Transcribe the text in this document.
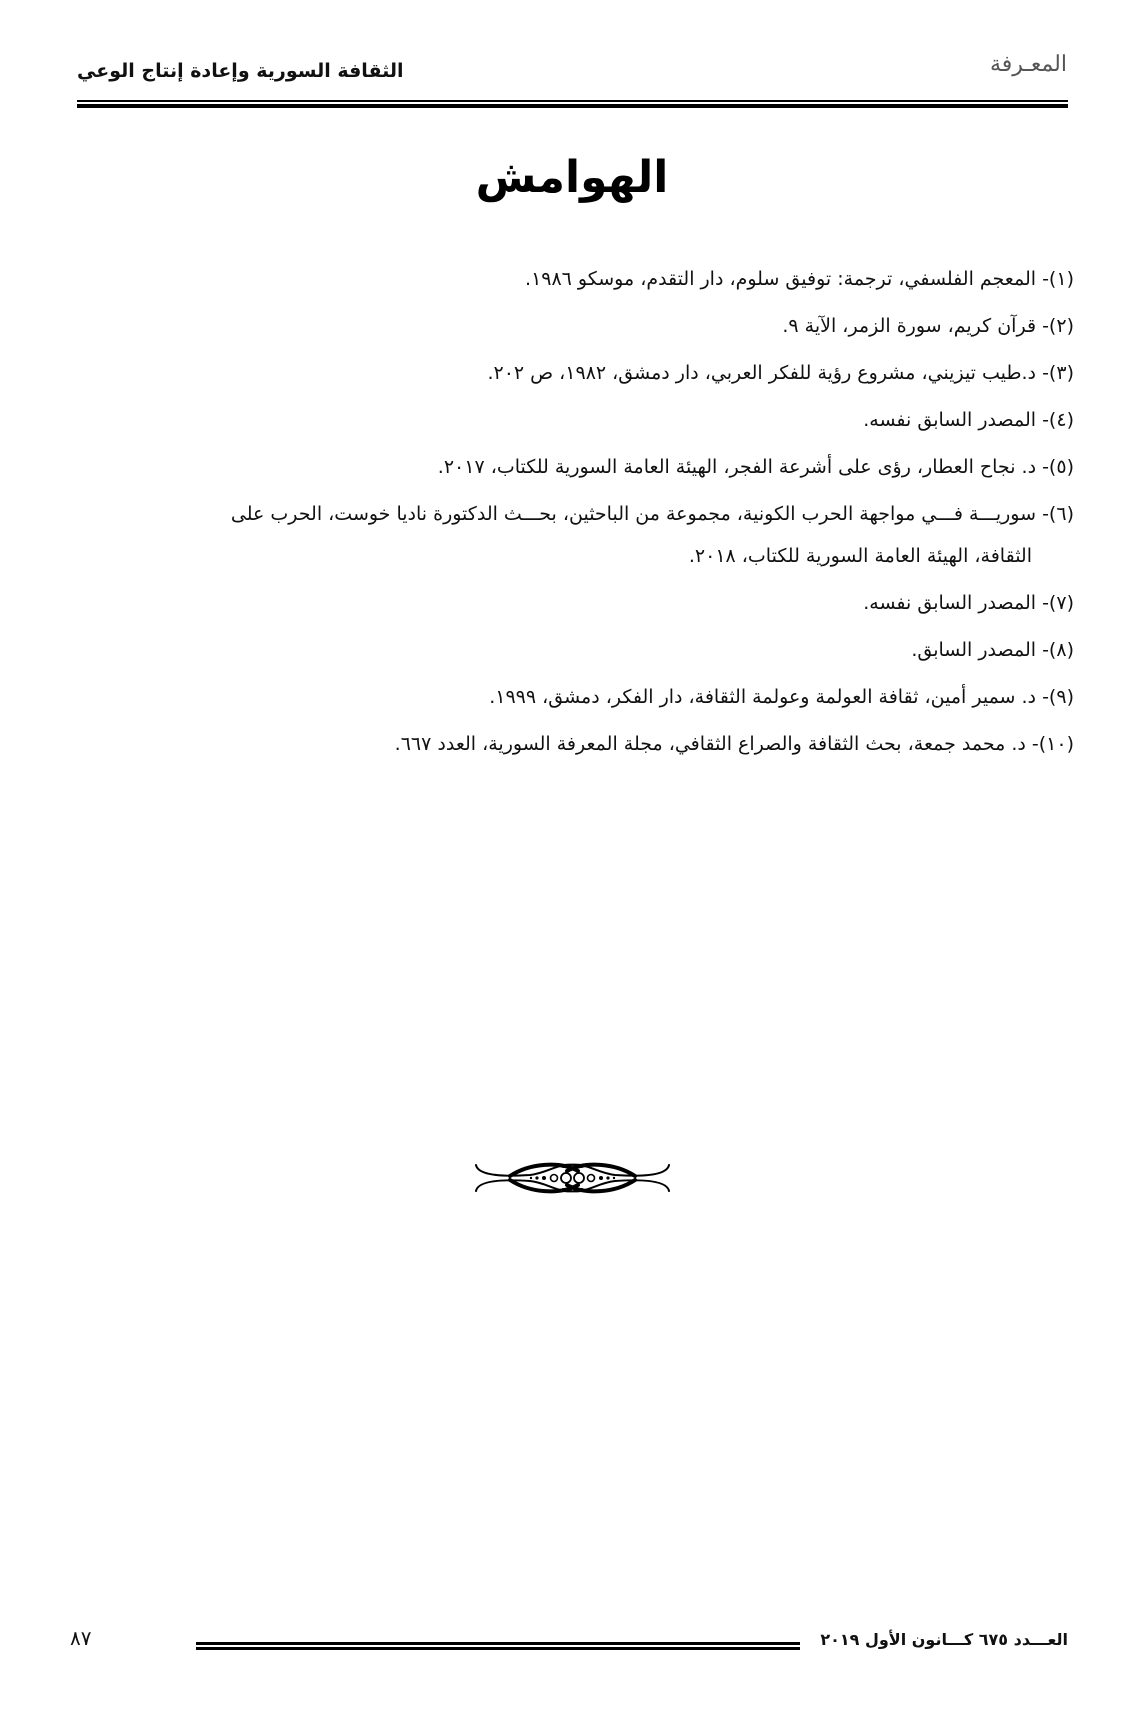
الثقافة السورية وإعادة إنتاج الوعي	المعـرفة
الهوامش
(١)- المعجم الفلسفي، ترجمة: توفيق سلوم، دار التقدم، موسكو ١٩٨٦.
(٢)- قرآن كريم، سورة الزمر، الآية ٩.
(٣)- د.طيب تيزيني، مشروع رؤية للفكر العربي، دار دمشق، ١٩٨٢، ص ٢٠٢.
(٤)- المصدر السابق نفسه.
(٥)- د. نجاح العطار، رؤى على أشرعة الفجر، الهيئة العامة السورية للكتاب، ٢٠١٧.
(٦)- سوريـــة فـــي مواجهة الحرب الكونية، مجموعة من الباحثين، بحـــث الدكتورة ناديا خوست، الحرب على
الثقافة، الهيئة العامة السورية للكتاب، ٢٠١٨.
(٧)- المصدر السابق نفسه.
(٨)- المصدر السابق.
(٩)- د. سمير أمين، ثقافة العولمة وعولمة الثقافة، دار الفكر، دمشق، ١٩٩٩.
(١٠)- د. محمد جمعة، بحث الثقافة والصراع الثقافي، مجلة المعرفة السورية، العدد ٦٦٧.
٨٧	العـــدد ٦٧٥ كـــانون الأول ٢٠١٩
